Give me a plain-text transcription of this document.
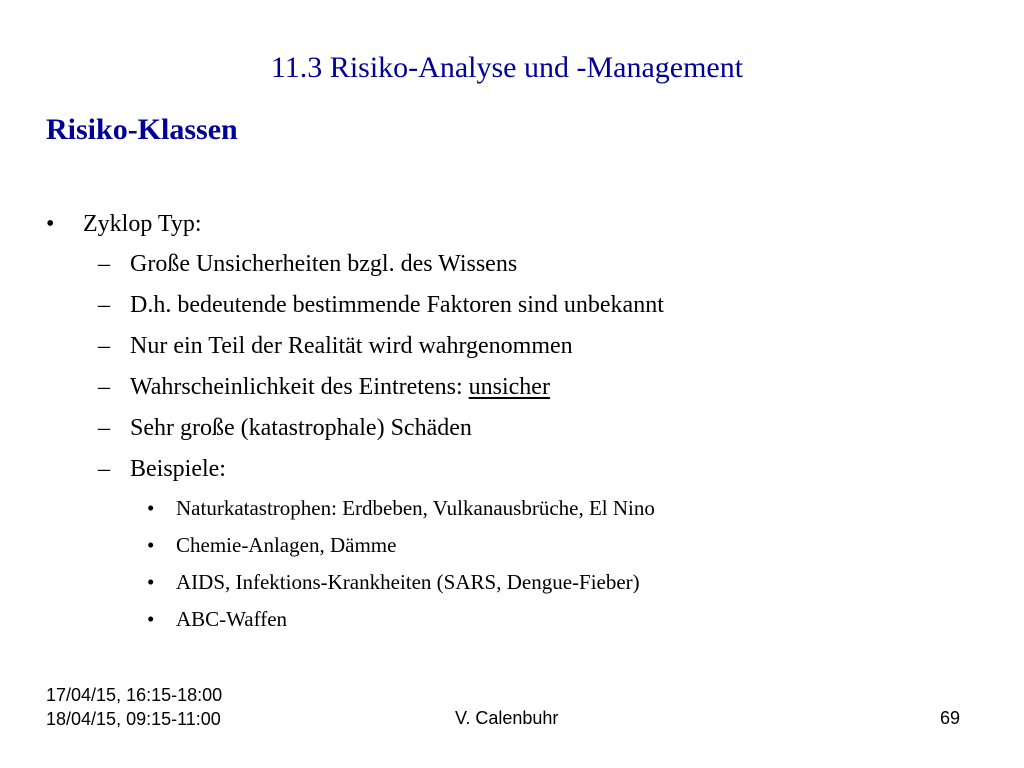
11.3 Risiko-Analyse und -Management
Risiko-Klassen
• Zyklop Typ:
– Große Unsicherheiten bzgl. des Wissens
– D.h. bedeutende bestimmende Faktoren sind unbekannt
– Nur ein Teil der Realität wird wahrgenommen
– Wahrscheinlichkeit des Eintretens: unsicher
– Sehr große (katastrophale) Schäden
– Beispiele:
• Naturkatastrophen: Erdbeben, Vulkanausbrüche, El Nino
• Chemie-Anlagen, Dämme
• AIDS, Infektions-Krankheiten (SARS, Dengue-Fieber)
• ABC-Waffen
17/04/15, 16:15-18:00
18/04/15, 09:15-11:00	V. Calenbuhr	69
